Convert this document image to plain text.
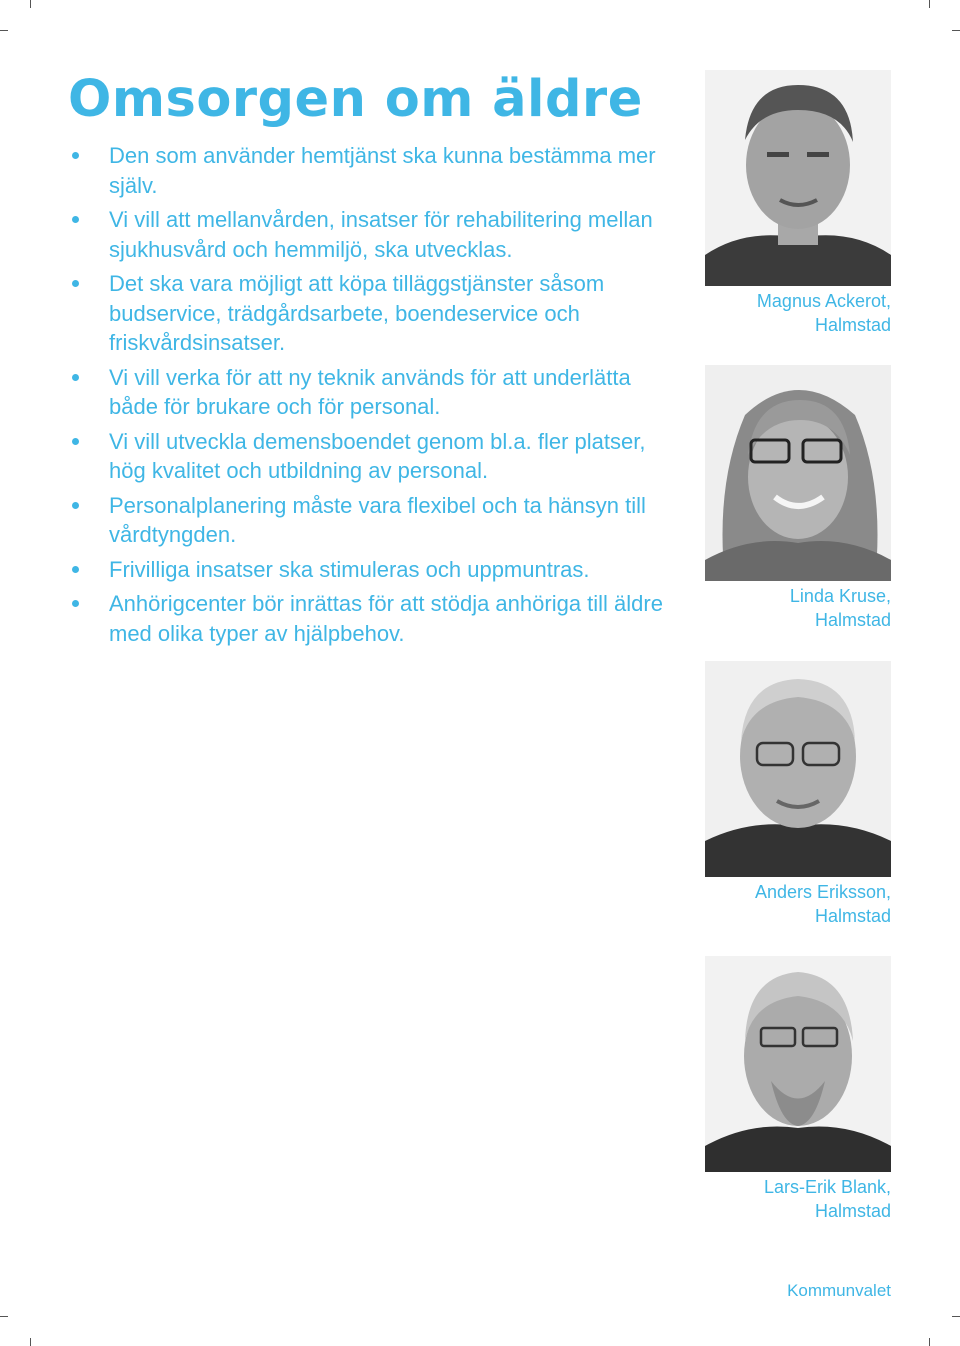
Omsorgen om äldre
Den som använder hemtjänst ska kunna bestämma mer själv.
Vi vill att mellanvården, insatser för rehabilitering mellan sjukhusvård och hemmiljö, ska utvecklas.
Det ska vara möjligt att köpa tilläggstjänster såsom budservice, trädgårdsarbete, boendeservice och friskvårdsinsatser.
Vi vill verka för att ny teknik används för att underlätta både för brukare och för personal.
Vi vill utveckla demensboendet genom bl.a. fler platser, hög kvalitet och utbildning av personal.
Personalplanering måste vara flexibel och ta hänsyn till vårdtyngden.
Frivilliga insatser ska stimuleras och uppmuntras.
Anhörigcenter bör inrättas för att stödja anhöriga till äldre med olika typer av hjälpbehov.
Magnus Ackerot,
Halmstad
Linda Kruse,
Halmstad
Anders Eriksson,
Halmstad
Lars-Erik Blank,
Halmstad
Kommunvalet
